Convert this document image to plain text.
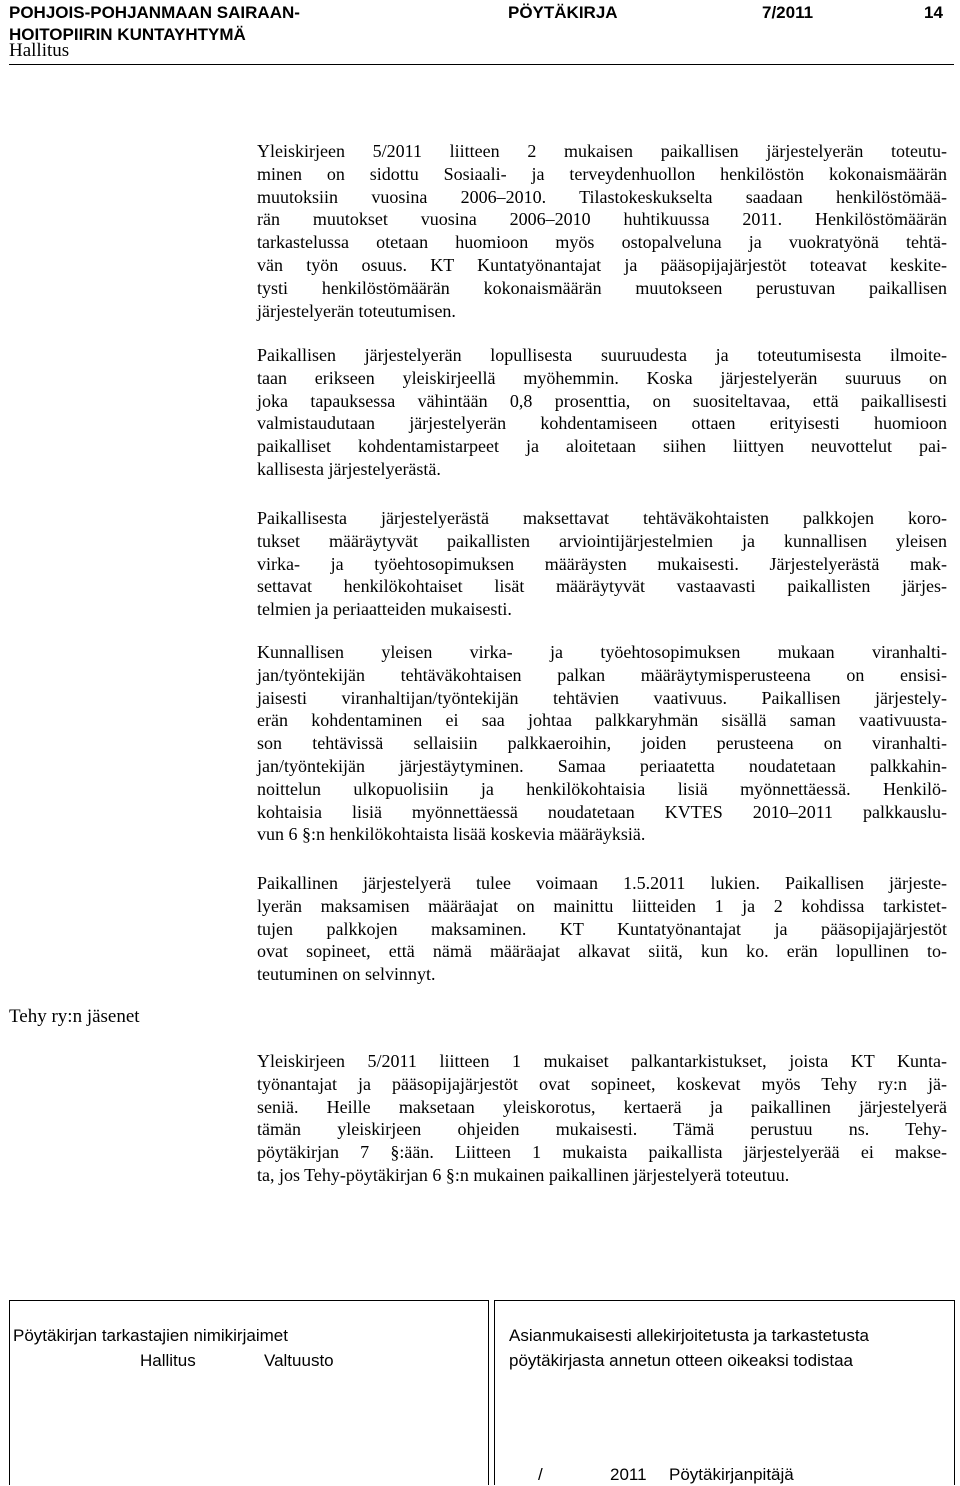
POHJOIS-POHJANMAAN SAIRAAN-
HOITOPIIRIN KUNTAYHTYMÄ
PÖYTÄKIRJA	7/2011	14
Hallitus
Yleiskirjeen 5/2011 liitteen 2 mukaisen paikallisen järjestelyerän toteutu-
minen on sidottu Sosiaali- ja terveydenhuollon henkilöstön kokonaismäärän
muutoksiin vuosina 2006–2010. Tilastokeskukselta saadaan henkilöstömää-
rän muutokset vuosina 2006–2010 huhtikuussa 2011. Henkilöstömäärän
tarkastelussa otetaan huomioon myös ostopalveluna ja vuokratyönä tehtä-
vän työn osuus. KT Kuntatyönantajat ja pääsopijajärjestöt toteavat keskite-
tysti henkilöstömäärän kokonaismäärän muutokseen perustuvan paikallisen
järjestelyerän toteutumisen.
Paikallisen järjestelyerän lopullisesta suuruudesta ja toteutumisesta ilmoite-
taan erikseen yleiskirjeellä myöhemmin. Koska järjestelyerän suuruus on
joka tapauksessa vähintään 0,8 prosenttia, on suositeltavaa, että paikallisesti
valmistaudutaan järjestelyerän kohdentamiseen ottaen erityisesti huomioon
paikalliset kohdentamistarpeet ja aloitetaan siihen liittyen neuvottelut pai-
kallisesta järjestelyerästä.
Paikallisesta järjestelyerästä maksettavat tehtäväkohtaisten palkkojen koro-
tukset määräytyvät paikallisten arviointijärjestelmien ja kunnallisen yleisen
virka- ja työehtosopimuksen määräysten mukaisesti. Järjestelyerästä mak-
settavat henkilökohtaiset lisät määräytyvät vastaavasti paikallisten järjes-
telmien ja periaatteiden mukaisesti.
Kunnallisen yleisen virka- ja työehtosopimuksen mukaan viranhalti-
jan/työntekijän tehtäväkohtaisen palkan määräytymisperusteena on ensisi-
jaisesti viranhaltijan/työntekijän tehtävien vaativuus. Paikallisen järjestely-
erän kohdentaminen ei saa johtaa palkkaryhmän sisällä saman vaativuusta-
son tehtävissä sellaisiin palkkaeroihin, joiden perusteena on viranhalti-
jan/työntekijän järjestäytyminen. Samaa periaatetta noudatetaan palkkahin-
noittelun ulkopuolisiin ja henkilökohtaisia lisiä myönnettäessä. Henkilö-
kohtaisia lisiä myönnettäessä noudatetaan KVTES 2010–2011 palkkauslu-
vun 6 §:n henkilökohtaista lisää koskevia määräyksiä.
Paikallinen järjestelyerä tulee voimaan 1.5.2011 lukien. Paikallisen järjeste-
lyerän maksamisen määräajat on mainittu liitteiden 1 ja 2 kohdissa tarkistet-
tujen palkkojen maksaminen. KT Kuntatyönantajat ja pääsopijajärjestöt
ovat sopineet, että nämä määräajat alkavat siitä, kun ko. erän lopullinen to-
teutuminen on selvinnyt.
Yleiskirjeen 5/2011 liitteen 1 mukaiset palkantarkistukset, joista KT Kunta-
työnantajat ja pääsopijajärjestöt ovat sopineet, koskevat myös Tehy ry:n jä-
seniä. Heille maksetaan yleiskorotus, kertaerä ja paikallinen järjestelyerä
tämän yleiskirjeen ohjeiden mukaisesti. Tämä perustuu ns. Tehy-
pöytäkirjan 7 §:ään. Liitteen 1 mukaista paikallista järjestelyerää ei makse-
ta, jos Tehy-pöytäkirjan 6 §:n mukainen paikallinen järjestelyerä toteutuu.
Tehy ry:n jäsenet
Pöytäkirjan tarkastajien nimikirjaimet
Hallitus	Valtuusto
Asianmukaisesti allekirjoitetusta ja tarkastetusta
pöytäkirjasta annetun otteen oikeaksi todistaa
/	2011 Pöytäkirjanpitäjä
